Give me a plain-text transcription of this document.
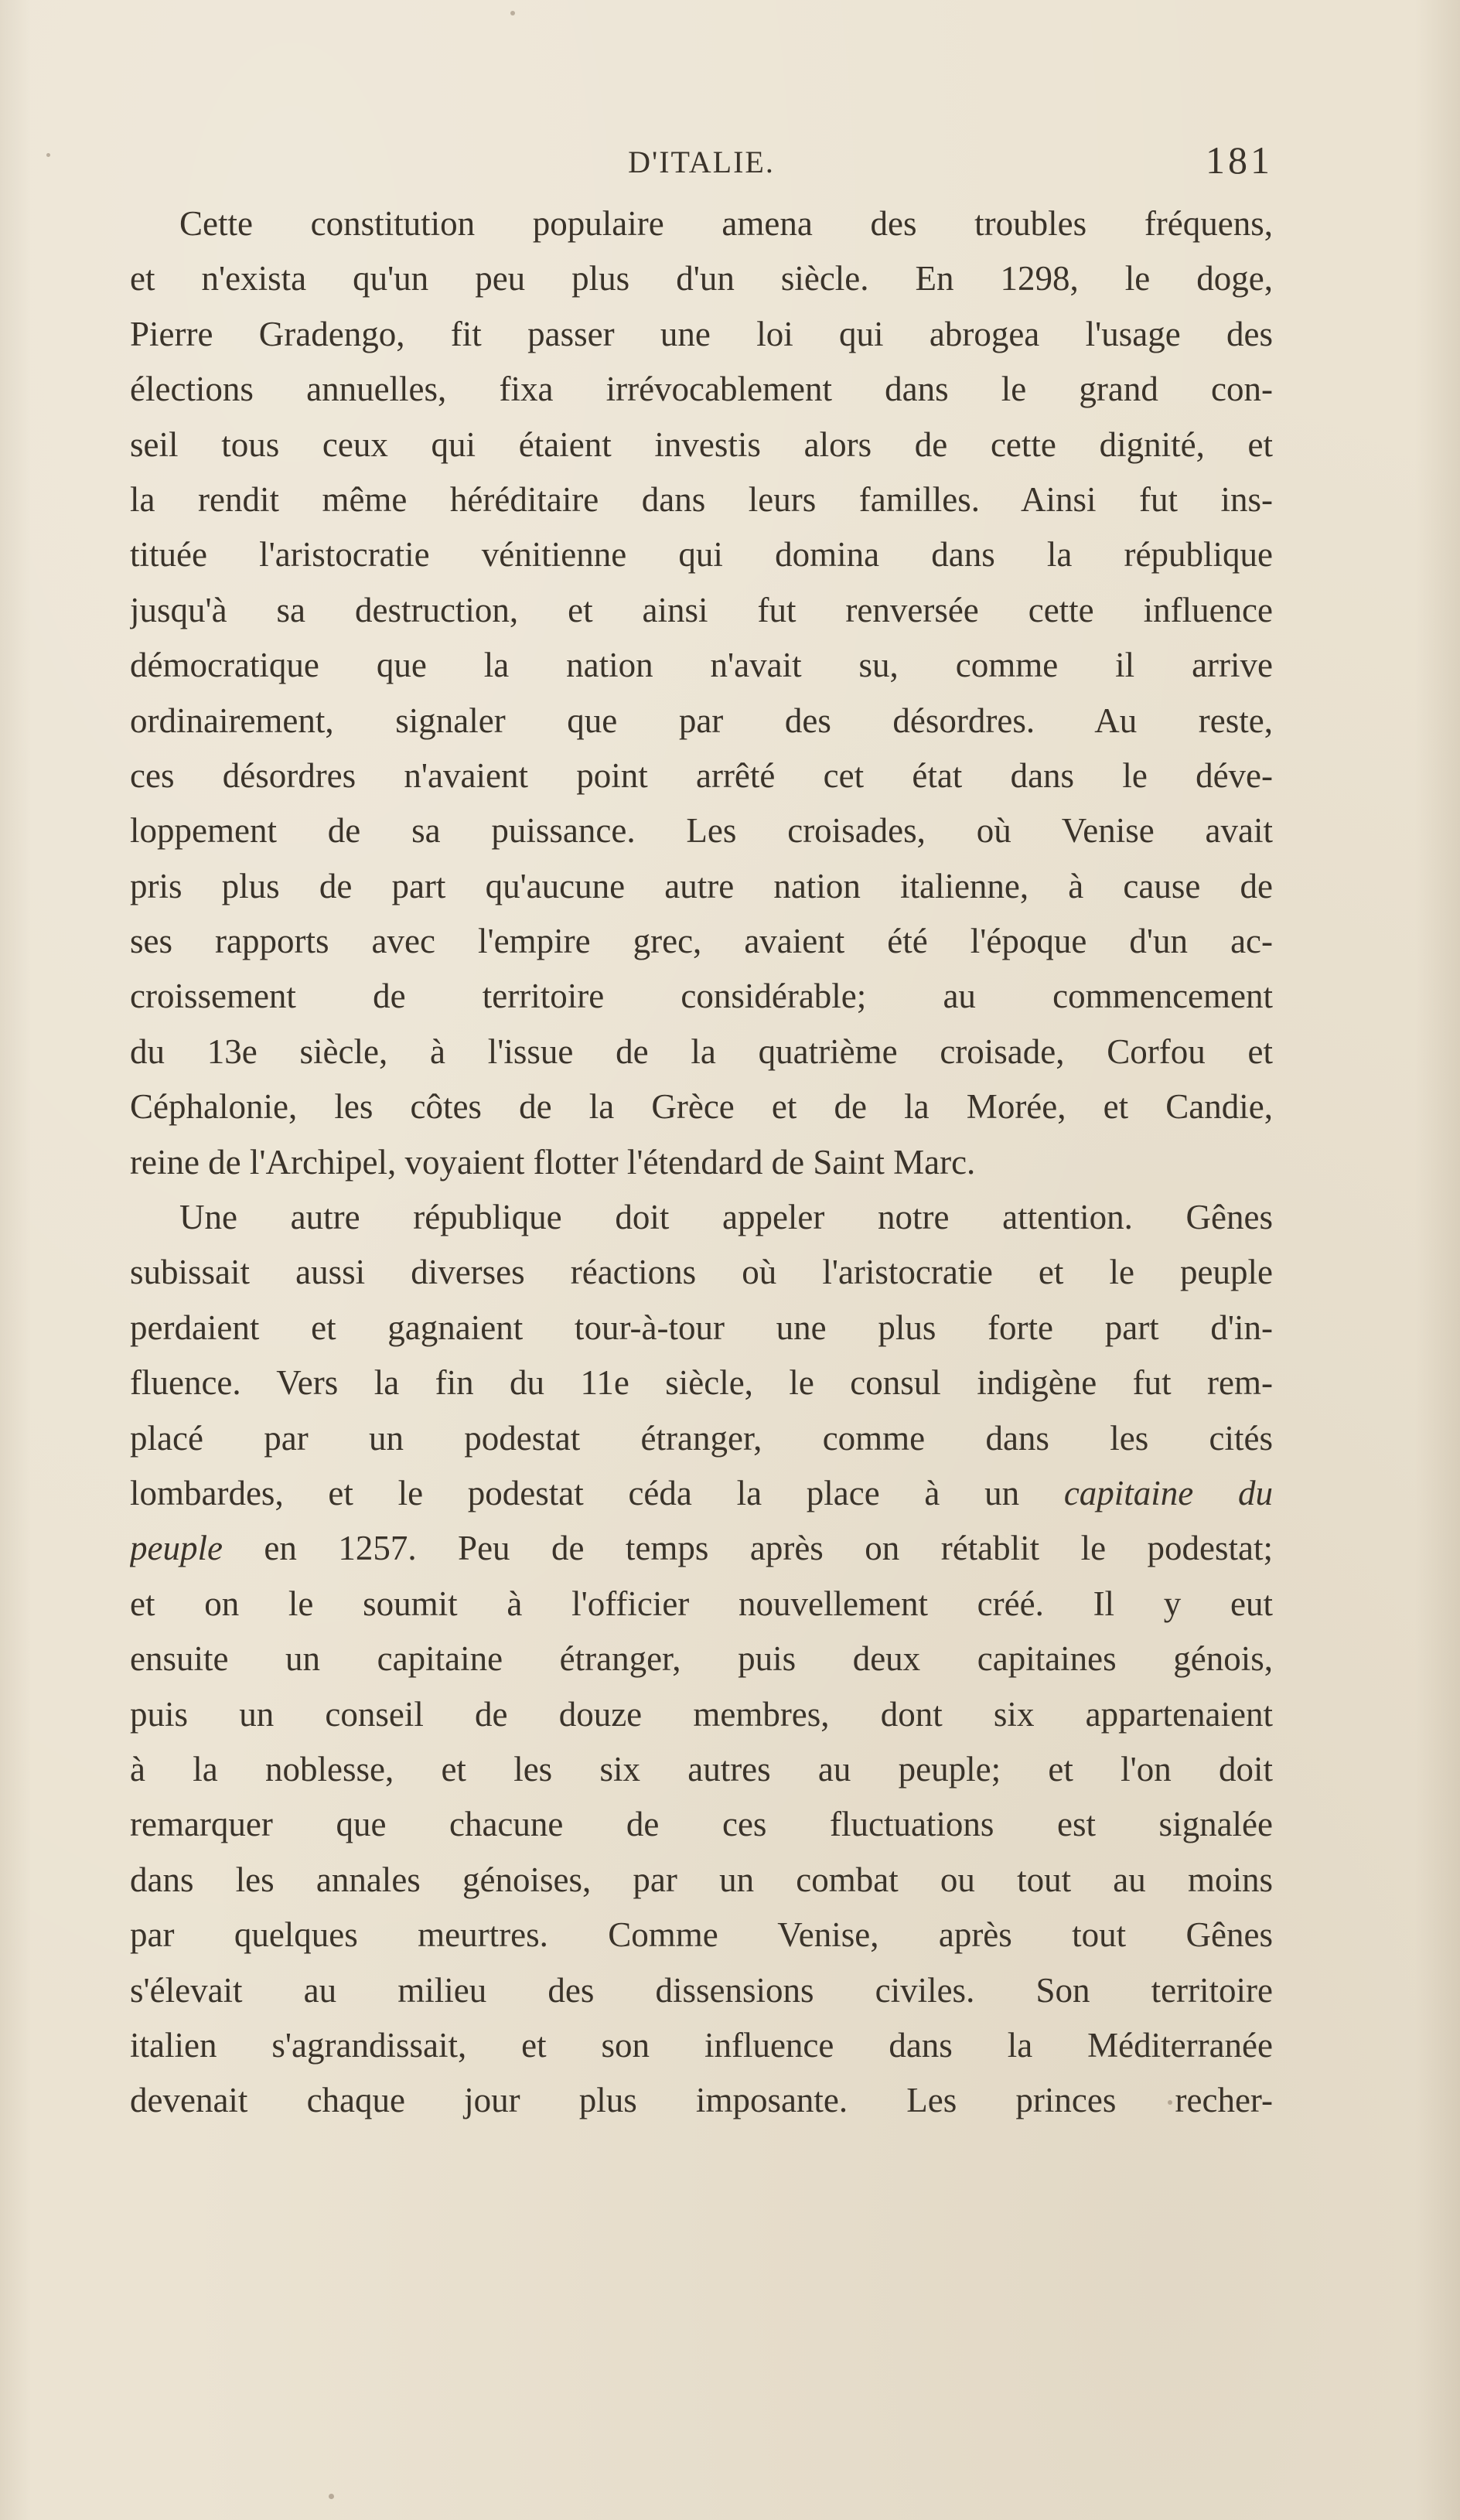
D'ITALIE.	181
Cette constitution populaire amena des troubles fréquens,
et n'exista qu'un peu plus d'un siècle. En 1298, le doge,
Pierre Gradengo, fit passer une loi qui abrogea l'usage des
élections annuelles, fixa irrévocablement dans le grand con-
seil tous ceux qui étaient investis alors de cette dignité, et
la rendit même héréditaire dans leurs familles. Ainsi fut ins-
tituée l'aristocratie vénitienne qui domina dans la république
jusqu'à sa destruction, et ainsi fut renversée cette influence
démocratique que la nation n'avait su, comme il arrive
ordinairement, signaler que par des désordres. Au reste,
ces désordres n'avaient point arrêté cet état dans le déve-
loppement de sa puissance. Les croisades, où Venise avait
pris plus de part qu'aucune autre nation italienne, à cause de
ses rapports avec l'empire grec, avaient été l'époque d'un ac-
croissement de territoire considérable; au commencement
du 13e siècle, à l'issue de la quatrième croisade, Corfou et
Céphalonie, les côtes de la Grèce et de la Morée, et Candie,
reine de l'Archipel, voyaient flotter l'étendard de Saint Marc.
Une autre république doit appeler notre attention. Gênes
subissait aussi diverses réactions où l'aristocratie et le peuple
perdaient et gagnaient tour-à-tour une plus forte part d'in-
fluence. Vers la fin du 11e siècle, le consul indigène fut rem-
placé par un podestat étranger, comme dans les cités
lombardes, et le podestat céda la place à un capitaine du
peuple en 1257. Peu de temps après on rétablit le podestat;
et on le soumit à l'officier nouvellement créé. Il y eut
ensuite un capitaine étranger, puis deux capitaines génois,
puis un conseil de douze membres, dont six appartenaient
à la noblesse, et les six autres au peuple; et l'on doit
remarquer que chacune de ces fluctuations est signalée
dans les annales génoises, par un combat ou tout au moins
par quelques meurtres. Comme Venise, après tout Gênes
s'élevait au milieu des dissensions civiles. Son territoire
italien s'agrandissait, et son influence dans la Méditerranée
devenait chaque jour plus imposante. Les princes recher-
